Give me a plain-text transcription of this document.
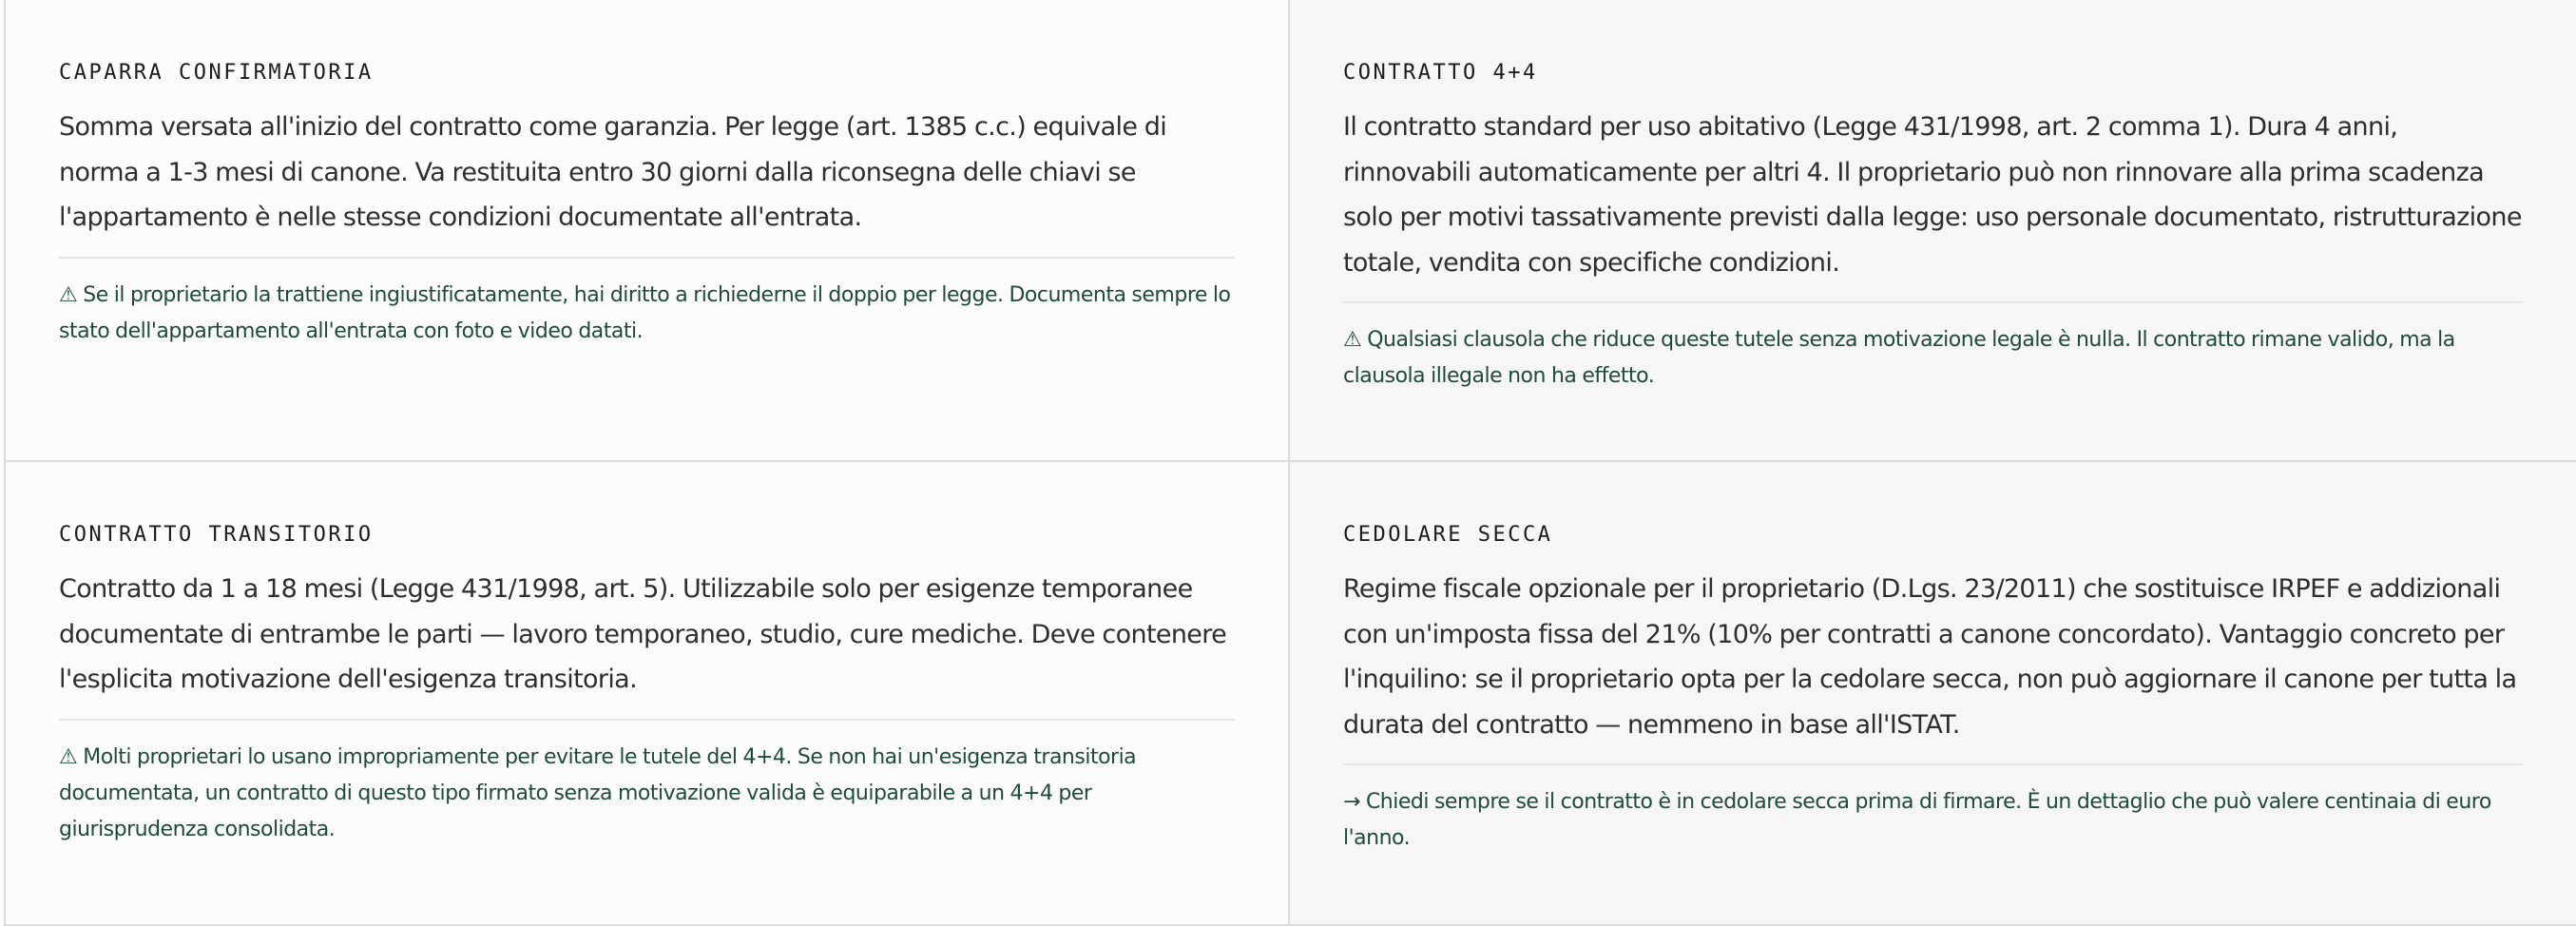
CAPARRA CONFIRMATORIA
Somma versata all'inizio del contratto come garanzia. Per legge (art. 1385 c.c.) equivale di norma a 1-3 mesi di canone. Va restituita entro 30 giorni dalla riconsegna delle chiavi se l'appartamento è nelle stesse condizioni documentate all'entrata.
⚠ Se il proprietario la trattiene ingiustificatamente, hai diritto a richiederne il doppio per legge. Documenta sempre lo stato dell'appartamento all'entrata con foto e video datati.
CONTRATTO 4+4
Il contratto standard per uso abitativo (Legge 431/1998, art. 2 comma 1). Dura 4 anni, rinnovabili automaticamente per altri 4. Il proprietario può non rinnovare alla prima scadenza solo per motivi tassativamente previsti dalla legge: uso personale documentato, ristrutturazione totale, vendita con specifiche condizioni.
⚠ Qualsiasi clausola che riduce queste tutele senza motivazione legale è nulla. Il contratto rimane valido, ma la clausola illegale non ha effetto.
CONTRATTO TRANSITORIO
Contratto da 1 a 18 mesi (Legge 431/1998, art. 5). Utilizzabile solo per esigenze temporanee documentate di entrambe le parti — lavoro temporaneo, studio, cure mediche. Deve contenere l'esplicita motivazione dell'esigenza transitoria.
⚠ Molti proprietari lo usano impropriamente per evitare le tutele del 4+4. Se non hai un'esigenza transitoria documentata, un contratto di questo tipo firmato senza motivazione valida è equiparabile a un 4+4 per giurisprudenza consolidata.
CEDOLARE SECCA
Regime fiscale opzionale per il proprietario (D.Lgs. 23/2011) che sostituisce IRPEF e addizionali con un'imposta fissa del 21% (10% per contratti a canone concordato). Vantaggio concreto per l'inquilino: se il proprietario opta per la cedolare secca, non può aggiornare il canone per tutta la durata del contratto — nemmeno in base all'ISTAT.
→ Chiedi sempre se il contratto è in cedolare secca prima di firmare. È un dettaglio che può valere centinaia di euro l'anno.
